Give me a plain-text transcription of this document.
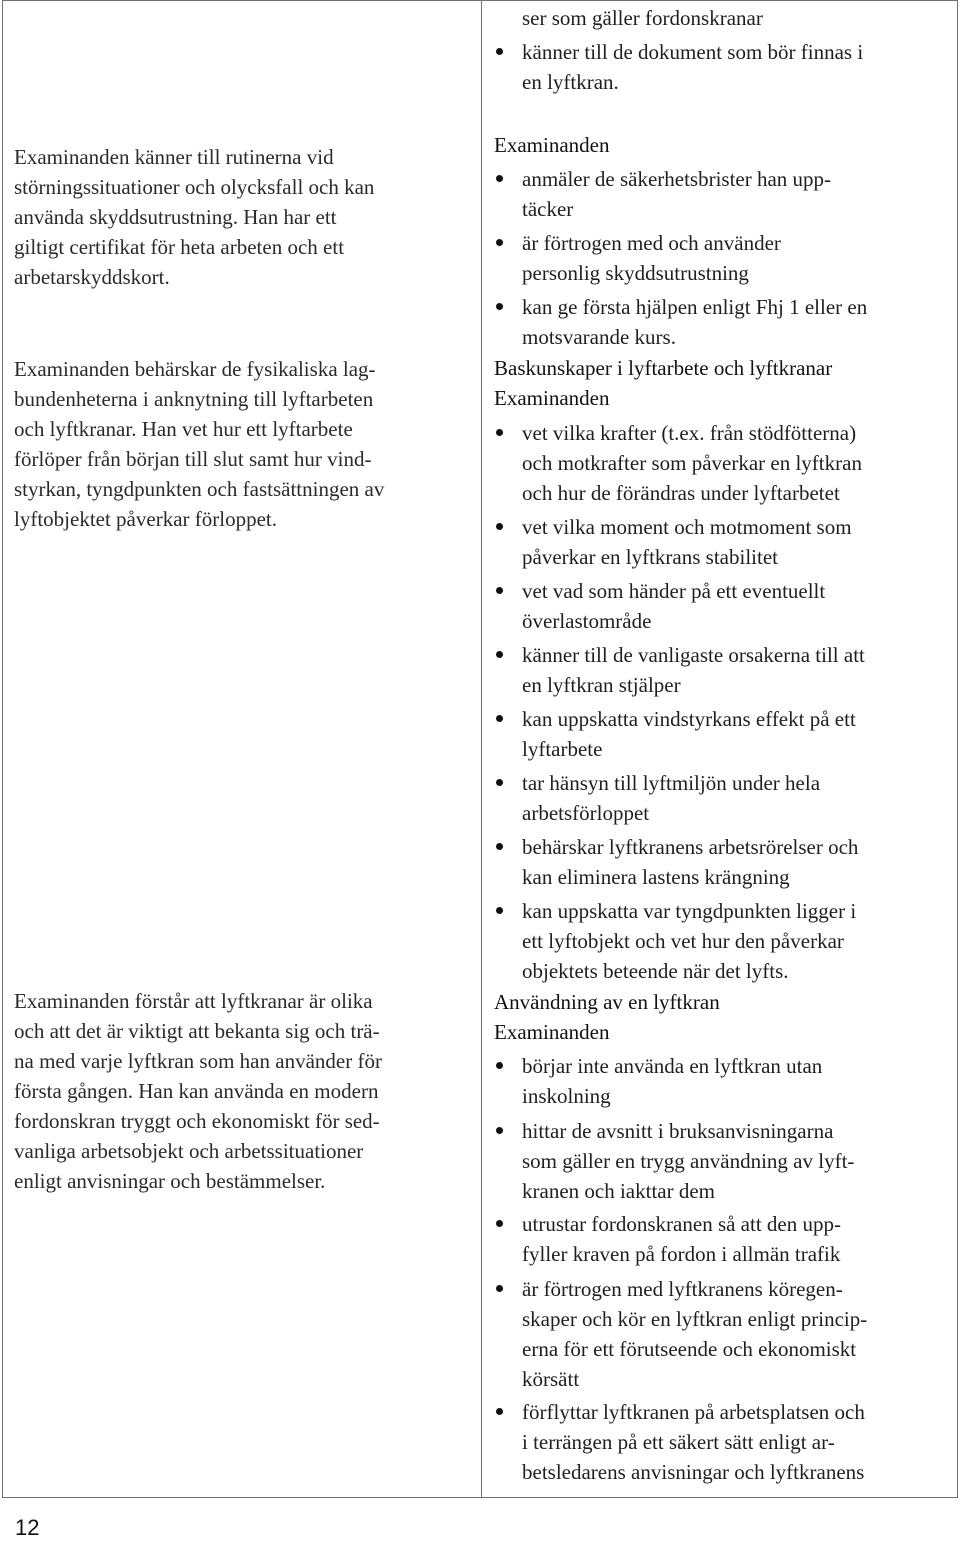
Examinanden känner till rutinerna vid
störningssituationer och olycksfall och kan
använda skyddsutrustning. Han har ett
giltigt certifikat för heta arbeten och ett
arbetarskyddskort.

Examinanden behärskar de fysikaliska lag-
bundenheterna i anknytning till lyftarbeten
och lyftkranar. Han vet hur ett lyftarbete
förlöper från början till slut samt hur vind-
styrkan, tyngdpunkten och fastsättningen av
lyftobjektet påverkar förloppet.

Examinanden förstår att lyftkranar är olika
och att det är viktigt att bekanta sig och trä-
na med varje lyftkran som han använder för
första gången. Han kan använda en modern
fordonskran tryggt och ekonomiskt för sed-
vanliga arbetsobjekt och arbetssituationer
enligt anvisningar och bestämmelser.

ser som gäller fordonskranar
känner till de dokument som bör finnas i
en lyftkran.
Examinanden
anmäler de säkerhetsbrister han upp-
täcker
är förtrogen med och använder
personlig skyddsutrustning
kan ge första hjälpen enligt Fhj 1 eller en
motsvarande kurs.
Baskunskaper i lyftarbete och lyftkranar
Examinanden
vet vilka krafter (t.ex. från stödfötterna)
och motkrafter som påverkar en lyftkran
och hur de förändras under lyftarbetet
vet vilka moment och motmoment som
påverkar en lyftkrans stabilitet
vet vad som händer på ett eventuellt
överlastområde
känner till de vanligaste orsakerna till att
en lyftkran stjälper
kan uppskatta vindstyrkans effekt på ett
lyftarbete
tar hänsyn till lyftmiljön under hela
arbetsförloppet
behärskar lyftkranens arbetsrörelser och
kan eliminera lastens krängning
kan uppskatta var tyngdpunkten ligger i
ett lyftobjekt och vet hur den påverkar
objektets beteende när det lyfts.
Användning av en lyftkran
Examinanden
börjar inte använda en lyftkran utan
inskolning
hittar de avsnitt i bruksanvisningarna
som gäller en trygg användning av lyft-
kranen och iakttar dem
utrustar fordonskranen så att den upp-
fyller kraven på fordon i allmän trafik
är förtrogen med lyftkranens köregen-
skaper och kör en lyftkran enligt princip-
erna för ett förutseende och ekonomiskt
körsätt
förflyttar lyftkranen på arbetsplatsen och
i terrängen på ett säkert sätt enligt ar-
betsledarens anvisningar och lyftkranens
12
